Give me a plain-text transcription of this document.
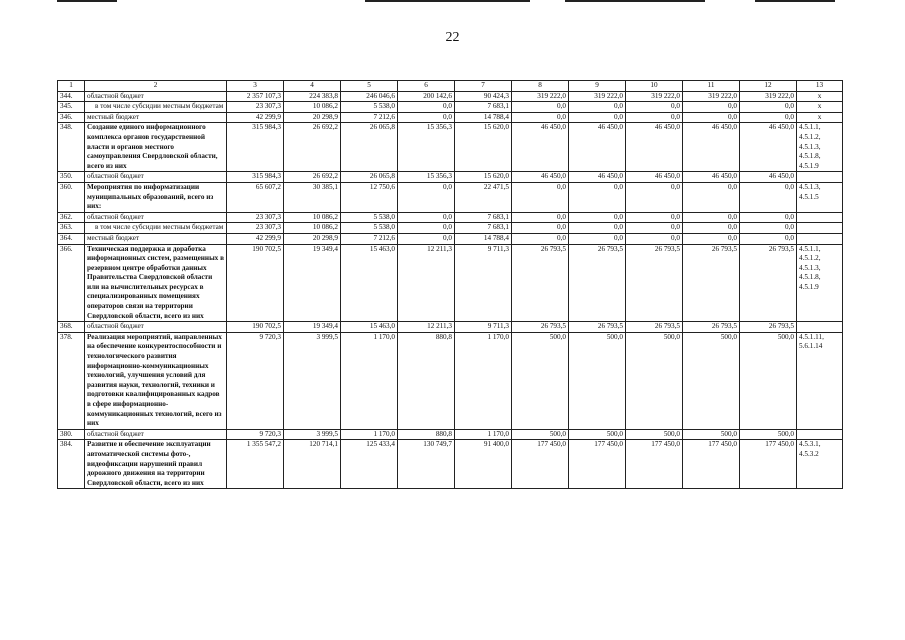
22
1	2	3	4	5	6	7	8	9	10	11	12	13
344.	областной бюджет	2 357 107,3	224 383,8	246 046,6	200 142,6	90 424,3	319 222,0	319 222,0	319 222,0	319 222,0	319 222,0	х
345.	в том числе субсидии местным бюджетам	23 307,3	10 086,2	5 538,0	0,0	7 683,1	0,0	0,0	0,0	0,0	0,0	х
346.	местный бюджет	42 299,9	20 298,9	7 212,6	0,0	14 788,4	0,0	0,0	0,0	0,0	0,0	х
348.	Создание единого информационного комплекса органов государственной власти и органов местного самоуправления Свердловской области, всего из них	315 984,3	26 692,2	26 065,8	15 356,3	15 620,0	46 450,0	46 450,0	46 450,0	46 450,0	46 450,0	4.5.1.1, 4.5.1.2, 4.5.1.3, 4.5.1.8, 4.5.1.9
350.	областной бюджет	315 984,3	26 692,2	26 065,8	15 356,3	15 620,0	46 450,0	46 450,0	46 450,0	46 450,0	46 450,0	
360.	Мероприятия по информатизации муниципальных образований, всего из них:	65 607,2	30 385,1	12 750,6	0,0	22 471,5	0,0	0,0	0,0	0,0	0,0	4.5.1.3, 4.5.1.5
362.	областной бюджет	23 307,3	10 086,2	5 538,0	0,0	7 683,1	0,0	0,0	0,0	0,0	0,0	
363.	в том числе субсидии местным бюджетам	23 307,3	10 086,2	5 538,0	0,0	7 683,1	0,0	0,0	0,0	0,0	0,0	
364.	местный бюджет	42 299,9	20 298,9	7 212,6	0,0	14 788,4	0,0	0,0	0,0	0,0	0,0	
366.	Техническая поддержка и доработка информационных систем, размещенных в резервном центре обработки данных Правительства Свердловской области или на вычислительных ресурсах в специализированных помещениях операторов связи на территории Свердловской области, всего из них	190 702,5	19 349,4	15 463,0	12 211,3	9 711,3	26 793,5	26 793,5	26 793,5	26 793,5	26 793,5	4.5.1.1, 4.5.1.2, 4.5.1.3, 4.5.1.8, 4.5.1.9
368.	областной бюджет	190 702,5	19 349,4	15 463,0	12 211,3	9 711,3	26 793,5	26 793,5	26 793,5	26 793,5	26 793,5	
378.	Реализация мероприятий, направленных на обеспечение конкурентоспособности и технологического развития информационно-коммуникационных технологий, улучшения условий для развития науки, технологий, техники и подготовки квалифицированных кадров в сфере информационно-коммуникационных технологий, всего из них	9 720,3	3 999,5	1 170,0	880,8	1 170,0	500,0	500,0	500,0	500,0	500,0	4.5.1.11, 5.6.1.14
380.	областной бюджет	9 720,3	3 999,5	1 170,0	880,8	1 170,0	500,0	500,0	500,0	500,0	500,0	
384.	Развитие и обеспечение эксплуатации автоматической системы фото-, видеофиксации нарушений правил дорожного движения на территории Свердловской области, всего из них	1 355 547,2	120 714,1	125 433,4	130 749,7	91 400,0	177 450,0	177 450,0	177 450,0	177 450,0	177 450,0	4.5.3.1, 4.5.3.2
